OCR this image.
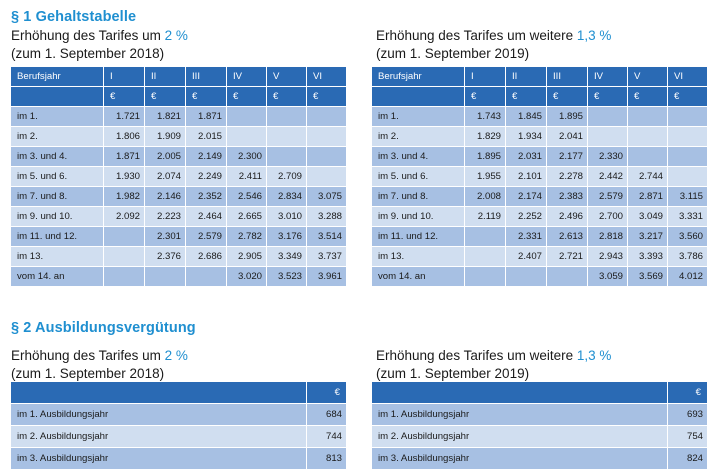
§ 1 Gehaltstabelle
Erhöhung des Tarifes um 2 %
(zum 1. September 2018)
Erhöhung des Tarifes um weitere 1,3 %
(zum 1. September 2019)
Berufsjahr	I	II	III	IV	V	VI
	€	€	€	€	€	€
im 1.	1.721	1.821	1.871			
im 2.	1.806	1.909	2.015			
im 3. und 4.	1.871	2.005	2.149	2.300		
im 5. und 6.	1.930	2.074	2.249	2.411	2.709	
im 7. und 8.	1.982	2.146	2.352	2.546	2.834	3.075
im 9. und 10.	2.092	2.223	2.464	2.665	3.010	3.288
im 11. und 12.		2.301	2.579	2.782	3.176	3.514
im 13.		2.376	2.686	2.905	3.349	3.737
vom 14. an				3.020	3.523	3.961
Berufsjahr	I	II	III	IV	V	VI
	€	€	€	€	€	€
im 1.	1.743	1.845	1.895			
im 2.	1.829	1.934	2.041			
im 3. und 4.	1.895	2.031	2.177	2.330		
im 5. und 6.	1.955	2.101	2.278	2.442	2.744	
im 7. und 8.	2.008	2.174	2.383	2.579	2.871	3.115
im 9. und 10.	2.119	2.252	2.496	2.700	3.049	3.331
im 11. und 12.		2.331	2.613	2.818	3.217	3.560
im 13.		2.407	2.721	2.943	3.393	3.786
vom 14. an				3.059	3.569	4.012
§ 2 Ausbildungsvergütung
Erhöhung des Tarifes um 2 %
(zum 1. September 2018)
Erhöhung des Tarifes um weitere 1,3 %
(zum 1. September 2019)
	€
im 1. Ausbildungsjahr	684
im 2. Ausbildungsjahr	744
im 3. Ausbildungsjahr	813
	€
im 1. Ausbildungsjahr	693
im 2. Ausbildungsjahr	754
im 3. Ausbildungsjahr	824
